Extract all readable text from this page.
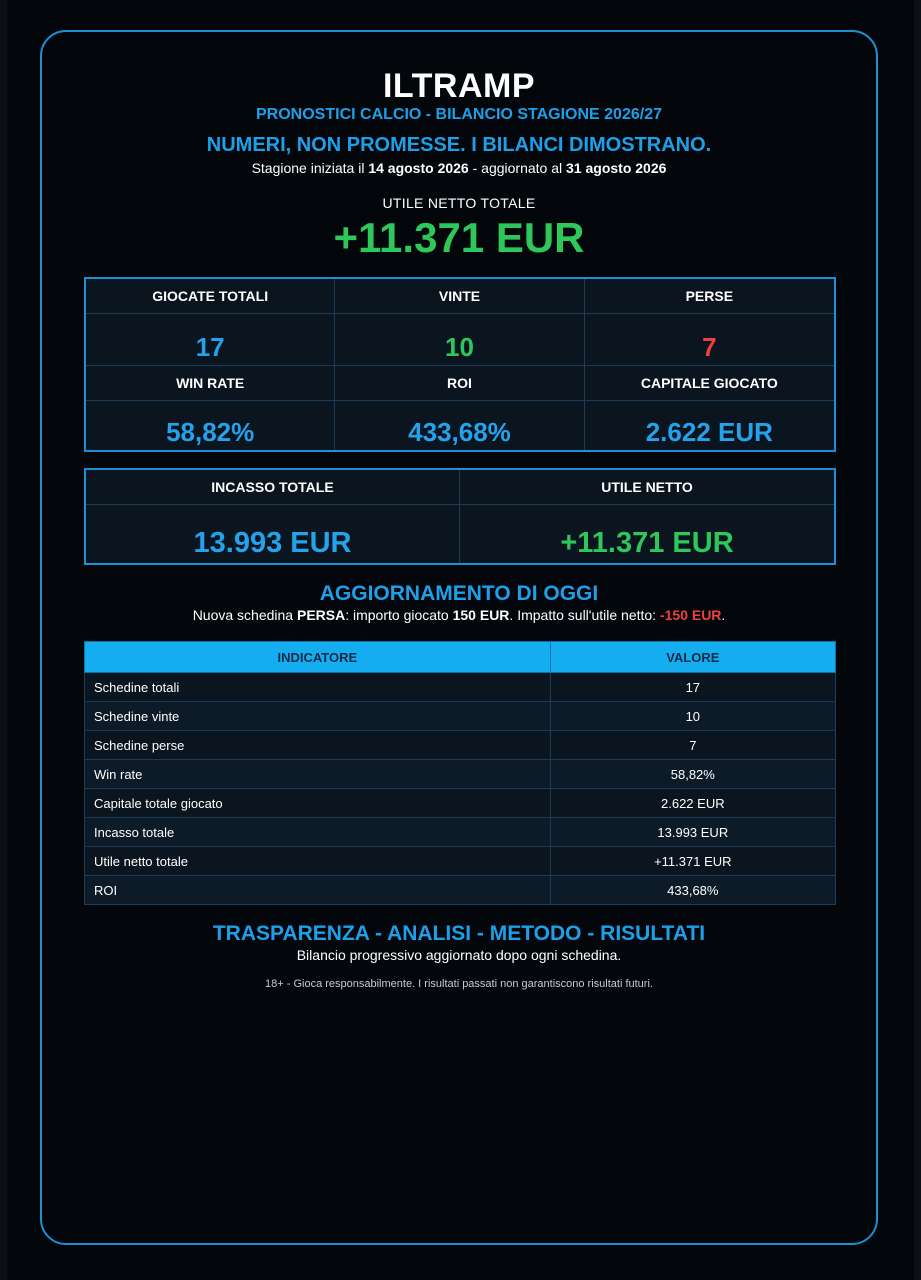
ILTRAMP
PRONOSTICI CALCIO - BILANCIO STAGIONE 2026/27
NUMERI, NON PROMESSE. I BILANCI DIMOSTRANO.
Stagione iniziata il 14 agosto 2026 - aggiornato al 31 agosto 2026
UTILE NETTO TOTALE
+11.371 EUR
GIOCATE TOTALI	VINTE	PERSE
17	10	7
WIN RATE	ROI	CAPITALE GIOCATO
58,82%	433,68%	2.622 EUR
INCASSO TOTALE	UTILE NETTO
13.993 EUR	+11.371 EUR
AGGIORNAMENTO DI OGGI
Nuova schedina PERSA: importo giocato 150 EUR. Impatto sull'utile netto: -150 EUR.
INDICATORE	VALORE
Schedine totali	17
Schedine vinte	10
Schedine perse	7
Win rate	58,82%
Capitale totale giocato	2.622 EUR
Incasso totale	13.993 EUR
Utile netto totale	+11.371 EUR
ROI	433,68%
TRASPARENZA - ANALISI - METODO - RISULTATI
Bilancio progressivo aggiornato dopo ogni schedina.
18+ - Gioca responsabilmente. I risultati passati non garantiscono risultati futuri.
